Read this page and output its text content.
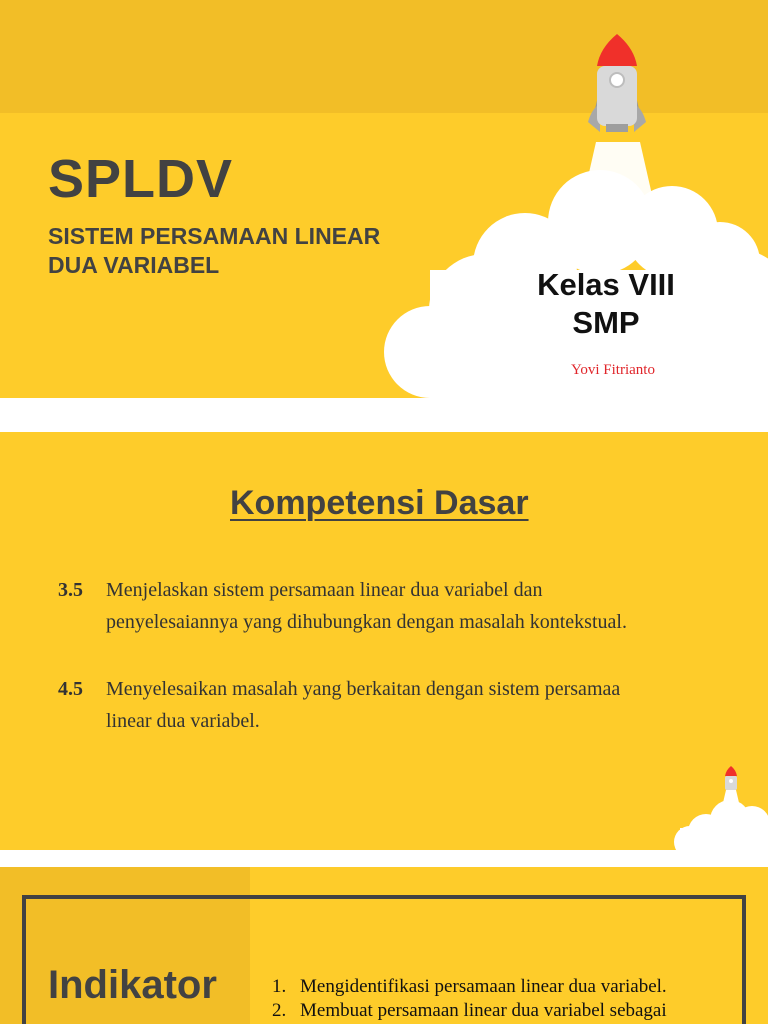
SPLDV
SISTEM PERSAMAAN LINEAR
DUA VARIABEL
Kelas VIII
SMP
Yovi Fitrianto
Kompetensi Dasar
3.5	Menjelaskan sistem persamaan linear dua variabel dan
penyelesaiannya yang dihubungkan dengan masalah kontekstual.
4.5	Menyelesaikan masalah yang berkaitan dengan sistem persamaa
linear dua variabel.
Indikator	1. Mengidentifikasi persamaan linear dua variabel.
2. Membuat persamaan linear dua variabel sebagai
